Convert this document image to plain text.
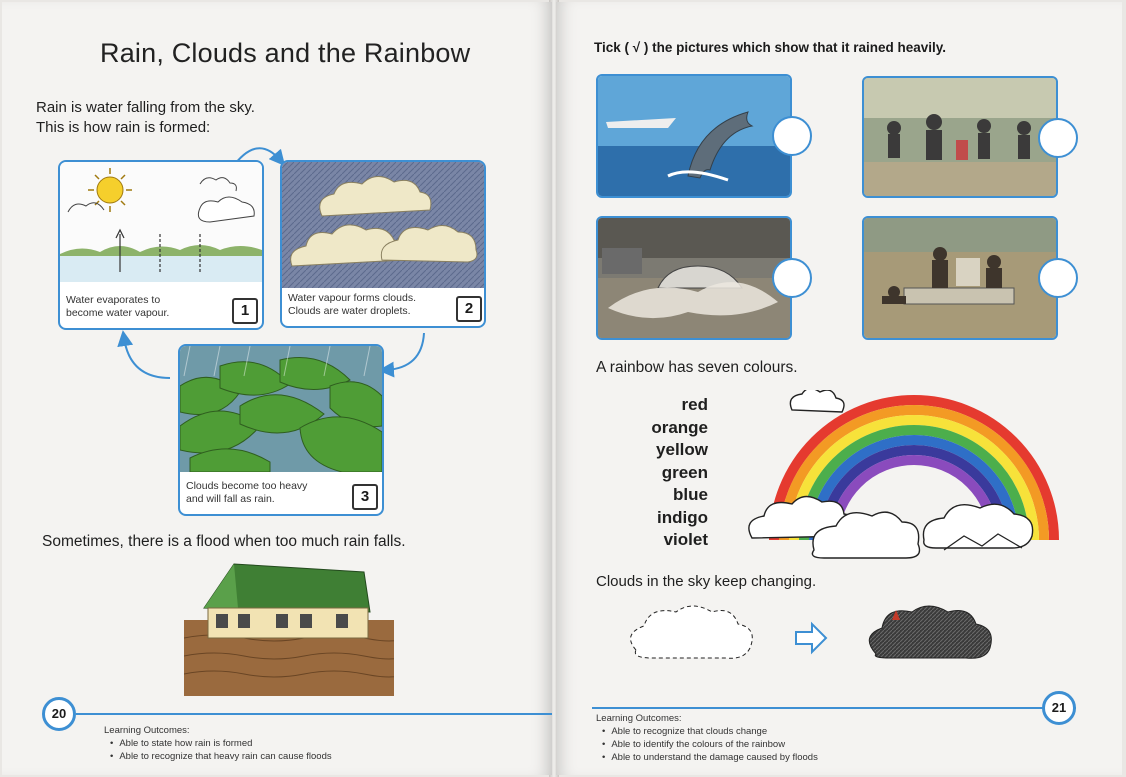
Rain, Clouds and the Rainbow
Rain is water falling from the sky.
This is how rain is formed:
Water evaporates to
become water vapour.	1
Water vapour forms clouds.
Clouds are water droplets.	2
Clouds become too heavy
and will fall as rain.	3
Sometimes, there is a flood when too much rain falls.
20
Learning Outcomes:
• Able to state how rain is formed
• Able to recognize that heavy rain can cause floods
Tick ( √ ) the pictures which show that it rained heavily.
A rainbow has seven colours.
red
orange
yellow
green
blue
indigo
violet
Clouds in the sky keep changing.
21
Learning Outcomes:
• Able to recognize that clouds change
• Able to identify the colours of the rainbow
• Able to understand the damage caused by floods
